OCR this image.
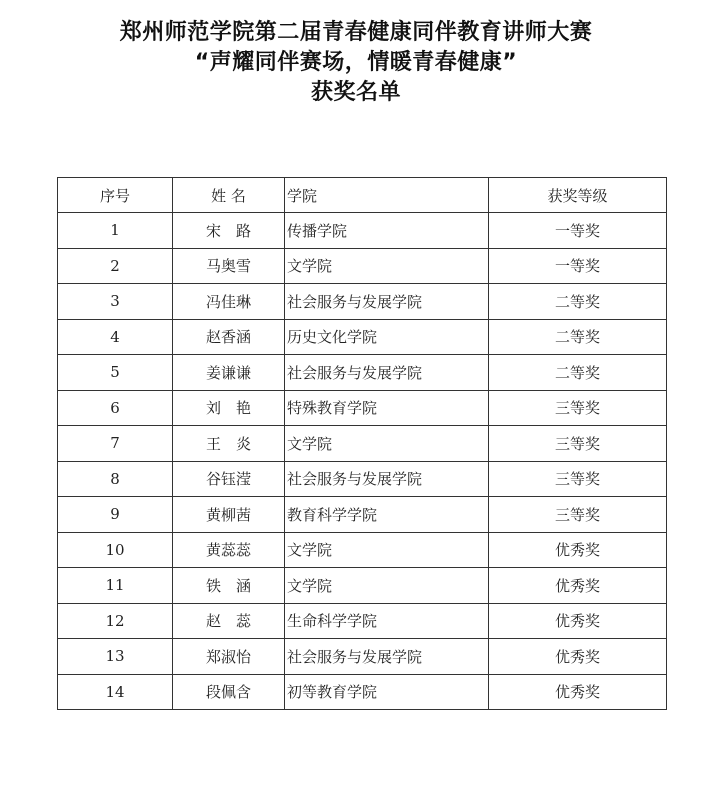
郑州师范学院第二届青春健康同伴教育讲师大赛
“声耀同伴赛场，情暖青春健康”
获奖名单
序号	姓 名	学院	获奖等级
1	宋　路	传播学院	一等奖
2	马奥雪	文学院	一等奖
3	冯佳琳	社会服务与发展学院	二等奖
4	赵香涵	历史文化学院	二等奖
5	姜谦谦	社会服务与发展学院	二等奖
6	刘　艳	特殊教育学院	三等奖
7	王　炎	文学院	三等奖
8	谷钰滢	社会服务与发展学院	三等奖
9	黄柳茜	教育科学学院	三等奖
10	黄蕊蕊	文学院	优秀奖
11	铁　涵	文学院	优秀奖
12	赵　蕊	生命科学学院	优秀奖
13	郑淑怡	社会服务与发展学院	优秀奖
14	段佩含	初等教育学院	优秀奖
